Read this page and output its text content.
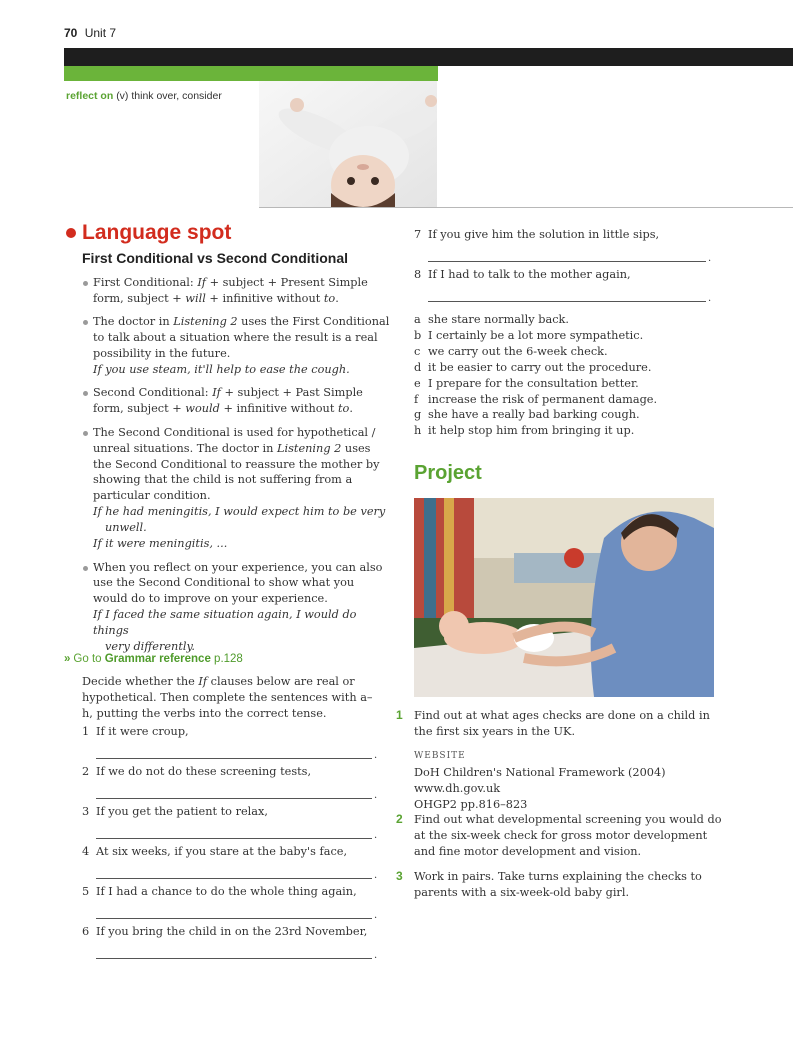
70 Unit 7
reflect on (v) think over, consider
Language spot
First Conditional vs Second Conditional
First Conditional: If + subject + Present Simple form, subject + will + infinitive without to.
The doctor in Listening 2 uses the First Conditional to talk about a situation where the result is a real possibility in the future.
If you use steam, it'll help to ease the cough.
Second Conditional: If + subject + Past Simple form, subject + would + infinitive without to.
The Second Conditional is used for hypothetical / unreal situations. The doctor in Listening 2 uses the Second Conditional to reassure the mother by showing that the child is not suffering from a particular condition.
If he had meningitis, I would expect him to be very
unwell.
If it were meningitis, ...
When you reflect on your experience, you can also use the Second Conditional to show what you would do to improve on your experience.
If I faced the same situation again, I would do things
very differently.
» Go to Grammar reference p.128
Decide whether the If clauses below are real or hypothetical. Then complete the sentences with a–h, putting the verbs into the correct tense.
1 If it were croup,
.
2 If we do not do these screening tests,
.
3 If you get the patient to relax,
.
4 At six weeks, if you stare at the baby's face,
.
5 If I had a chance to do the whole thing again,
.
6 If you bring the child in on the 23rd November,
.
7 If you give him the solution in little sips,
.
8 If I had to talk to the mother again,
.
a she stare normally back.
b I certainly be a lot more sympathetic.
c we carry out the 6-week check.
d it be easier to carry out the procedure.
e I prepare for the consultation better.
f increase the risk of permanent damage.
g she have a really bad barking cough.
h it help stop him from bringing it up.
Project
1 Find out at what ages checks are done on a child in the first six years in the UK.

WEBSITE

DoH Children's National Framework (2004)

www.dh.gov.uk

OHGP2 pp.816–823

2 Find out what developmental screening you would do at the six-week check for gross motor development and fine motor development and vision.
3 Work in pairs. Take turns explaining the checks to parents with a six-week-old baby girl.
